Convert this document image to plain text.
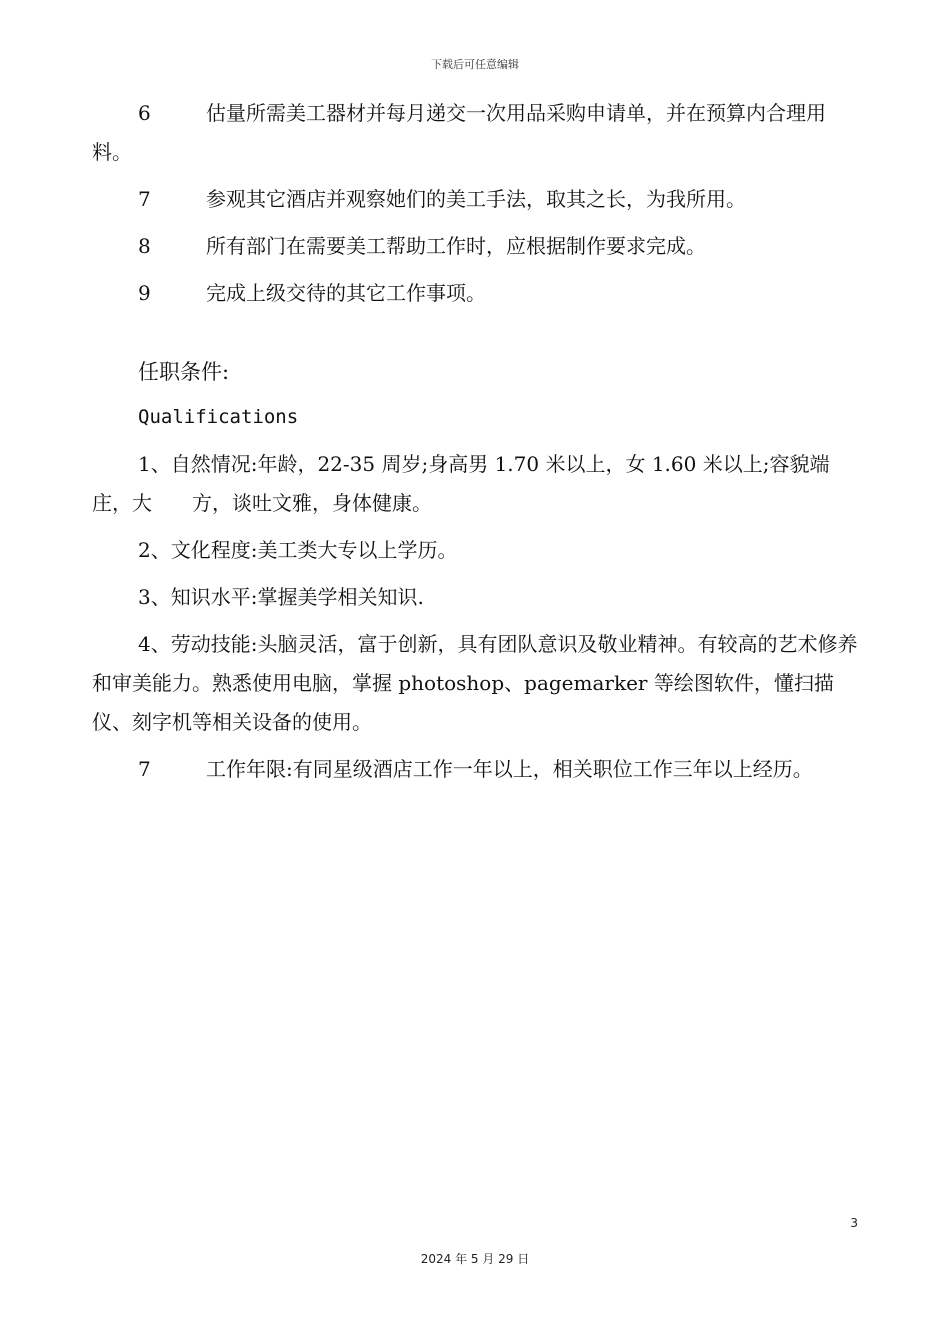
下载后可任意编辑

6	估量所需美工器材并每月递交一次用品采购申请单，并在预算内合理用料。

7	参观其它酒店并观察她们的美工手法，取其之长，为我所用。

8	所有部门在需要美工帮助工作时，应根据制作要求完成。

9	完成上级交待的其它工作事项。

任职条件:

Qualifications

1、自然情况:年龄，22-35 周岁;身高男 1.70 米以上，女 1.60 米以上;容貌端庄，大　　方，谈吐文雅，身体健康。

2、文化程度:美工类大专以上学历。

3、知识水平:掌握美学相关知识.

4、劳动技能:头脑灵活，富于创新，具有团队意识及敬业精神。有较高的艺术修养和审美能力。熟悉使用电脑，掌握 photoshop、pagemarker 等绘图软件，懂扫描仪、刻字机等相关设备的使用。

7	工作年限:有同星级酒店工作一年以上，相关职位工作三年以上经历。

3
2024 年 5 月 29 日
